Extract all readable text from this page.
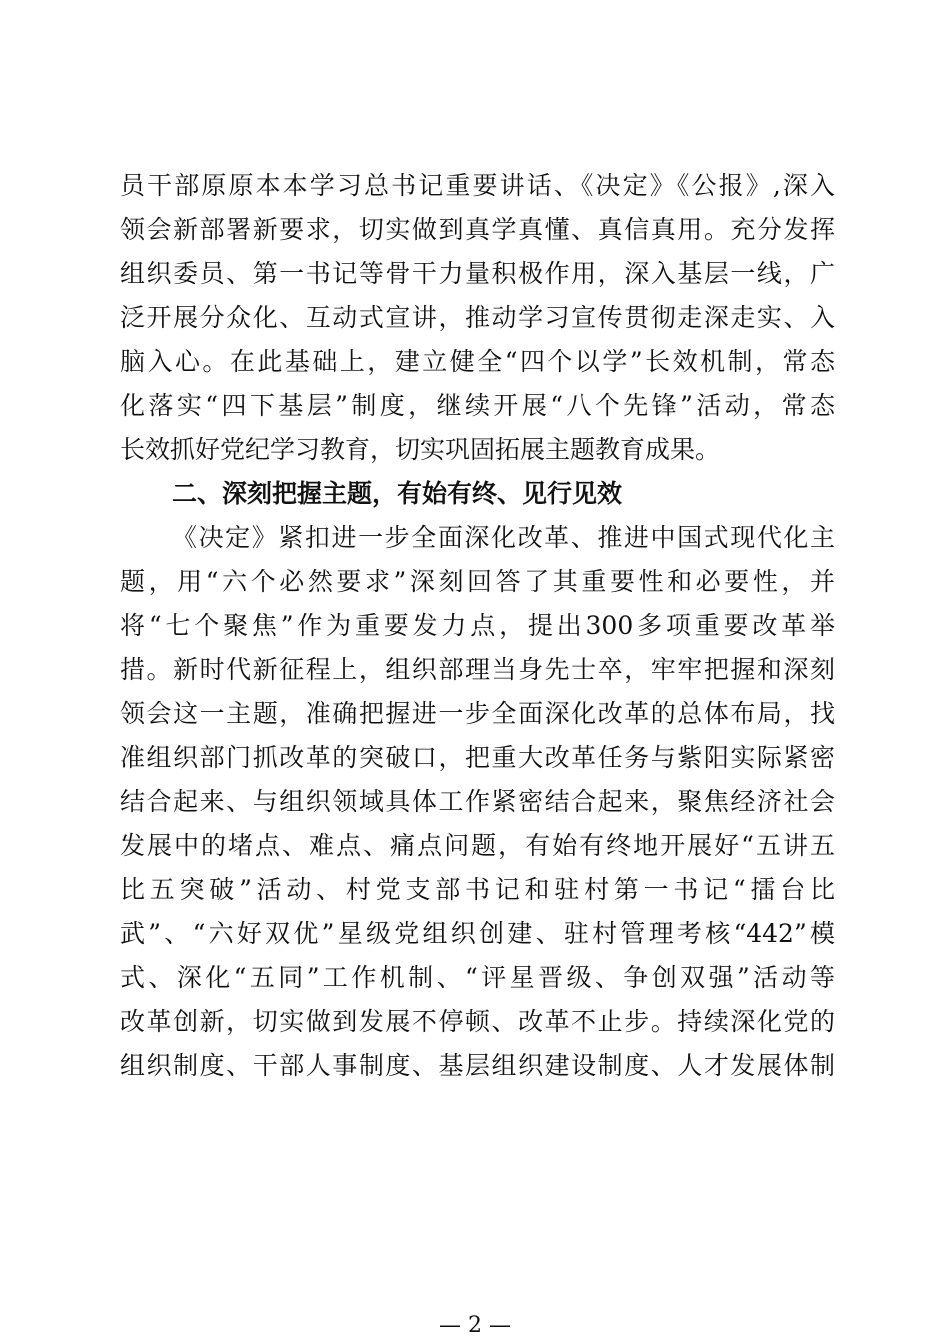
员干部原原本本学习总书记重要讲话、《决定》《公报》,深入
领会新部署新要求，切实做到真学真懂、真信真用。充分发挥
组织委员、第一书记等骨干力量积极作用，深入基层一线，广
泛开展分众化、互动式宣讲，推动学习宣传贯彻走深走实、入
脑入心。在此基础上，建立健全“四个以学”长效机制，常态
化落实“四下基层”制度，继续开展“八个先锋”活动，常态
长效抓好党纪学习教育，切实巩固拓展主题教育成果。
二、深刻把握主题，有始有终、见行见效
《决定》紧扣进一步全面深化改革、推进中国式现代化主
题，用“六个必然要求”深刻回答了其重要性和必要性，并
将“七个聚焦”作为重要发力点，提出300多项重要改革举
措。新时代新征程上，组织部理当身先士卒，牢牢把握和深刻
领会这一主题，准确把握进一步全面深化改革的总体布局，找
准组织部门抓改革的突破口，把重大改革任务与紫阳实际紧密
结合起来、与组织领域具体工作紧密结合起来，聚焦经济社会
发展中的堵点、难点、痛点问题，有始有终地开展好“五讲五
比五突破”活动、村党支部书记和驻村第一书记“擂台比
武”、“六好双优”星级党组织创建、驻村管理考核“442”模
式、深化“五同”工作机制、“评星晋级、争创双强”活动等
改革创新，切实做到发展不停顿、改革不止步。持续深化党的
组织制度、干部人事制度、基层组织建设制度、人才发展体制
— 2 —
